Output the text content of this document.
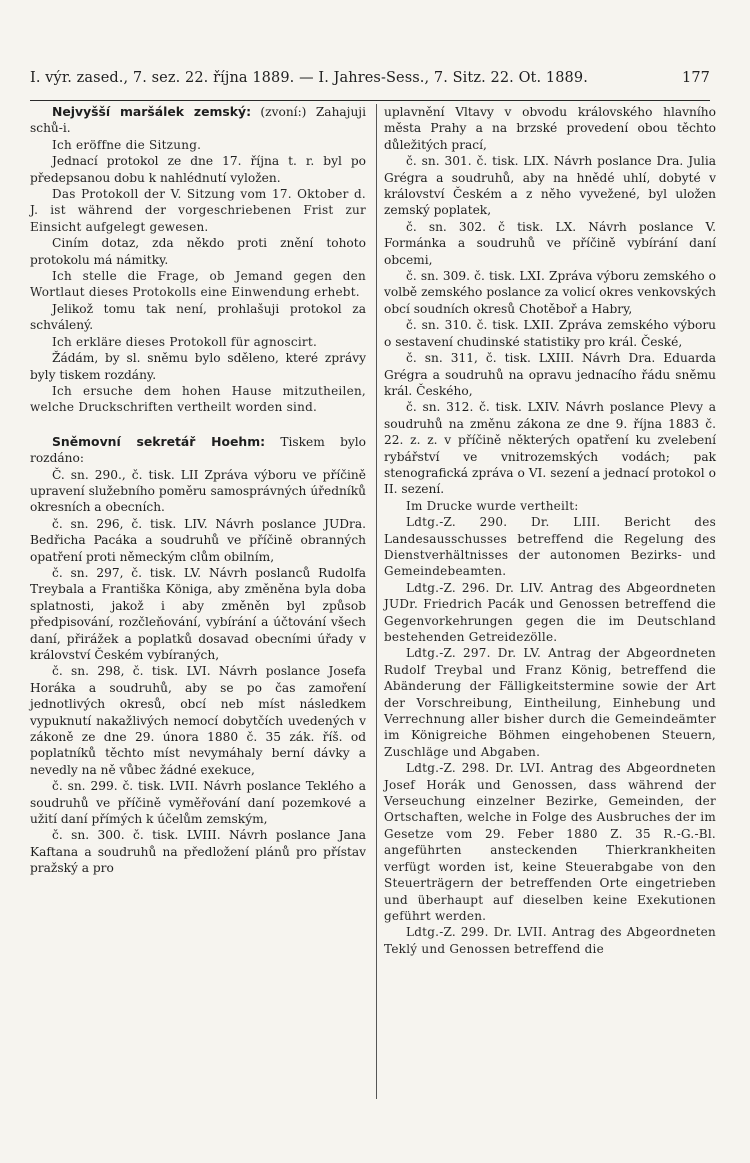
I. výr. zased., 7. sez. 22. října 1889. — I. Jahres-Sess., 7. Sitz. 22. Ot. 1889.	177

Nejvyšší maršálek zemský: (zvoní:) Zahajuji schů-i.

Ich eröffne die Sitzung.

Jednací protokol ze dne 17. října t. r. byl po předepsanou dobu k nahlédnutí vyložen.

Das Protokoll der V. Sitzung vom 17. Oktober d. J. ist während der vorgeschriebenen Frist zur Einsicht aufgelegt gewesen.

Ciním dotaz, zda někdo proti znění tohoto protokolu má námitky.

Ich stelle die Frage, ob Jemand gegen den Wortlaut dieses Protokolls eine Einwendung erhebt.

Jelikož tomu tak není, prohlašuji protokol za schválený.

Ich erkläre dieses Protokoll für agnoscirt.

Žádám, by sl. sněmu bylo sděleno, které zprávy byly tiskem rozdány.

Ich ersuche dem hohen Hause mitzutheilen, welche Druckschriften vertheilt worden sind.

Sněmovní sekretář Hoehm: Tiskem bylo rozdáno:

Č. sn. 290., č. tisk. LII Zpráva výboru ve příčině upravení služebního poměru samosprávných úředníků okresních a obecních.

č. sn. 296, č. tisk. LIV. Návrh poslance JUDra. Bedřicha Pacáka a soudruhů ve příčině obranných opatření proti německým clům obilním,

č. sn. 297, č. tisk. LV. Návrh poslanců Rudolfa Treybala a Františka Königa, aby změněna byla doba splatnosti, jakož i aby změněn byl způsob předpisování, rozčleňování, vybírání a účtování všech daní, přirážek a poplatků dosavad obecními úřady v království Českém vybíraných,

č. sn. 298, č. tisk. LVI. Návrh poslance Josefa Horáka a soudruhů, aby se po čas zamoření jednotlivých okresů, obcí neb míst následkem vypuknutí nakažlivých nemocí dobytčích uvedených v zákoně ze dne 29. února 1880 č. 35 zák. říš. od poplatníků těchto míst nevymáhaly berní dávky a nevedly na ně vůbec žádné exekuce,

č. sn. 299. č. tisk. LVII. Návrh poslance Teklého a soudruhů ve příčině vyměřování daní pozemkové a užití daní přímých k účelům zemským,

č. sn. 300. č. tisk. LVIII. Návrh poslance Jana Kaftana a soudruhů na předložení plánů pro přístav pražský a pro

uplavnění Vltavy v obvodu královského hlavního města Prahy a na brzské provedení obou těchto důležitých prací,

č. sn. 301. č. tisk. LIX. Návrh poslance Dra. Julia Grégra a soudruhů, aby na hnědé uhlí, dobyté v království Českém a z něho vyvežené, byl uložen zemský poplatek,

č. sn. 302. č tisk. LX. Návrh poslance V. Formánka a soudruhů ve příčině vybírání daní obcemi,

č. sn. 309. č. tisk. LXI. Zpráva výboru zemského o volbě zemského poslance za volicí okres venkovských obcí soudních okresů Chotěboř a Habry,

č. sn. 310. č. tisk. LXII. Zpráva zemského výboru o sestavení chudinské statistiky pro král. České,

č. sn. 311, č. tisk. LXIII. Návrh Dra. Eduarda Grégra a soudruhů na opravu jednacího řádu sněmu král. Českého,

č. sn. 312. č. tisk. LXIV. Návrh poslance Plevy a soudruhů na změnu zákona ze dne 9. října 1883 č. 22. z. z. v příčině některých opatření ku zvelebení rybářství ve vnitrozemských vodách; pak stenografická zpráva o VI. sezení a jednací protokol o II. sezení.

Im Drucke wurde vertheilt:

Ldtg.-Z. 290. Dr. LIII. Bericht des Landesausschusses betreffend die Regelung des Dienstverhältnisses der autonomen Bezirks- und Gemeindebeamten.

Ldtg.-Z. 296. Dr. LIV. Antrag des Abgeordneten JUDr. Friedrich Pacák und Genossen betreffend die Gegenvorkehrungen gegen die im Deutschland bestehenden Getreidezölle.

Ldtg.-Z. 297. Dr. LV. Antrag der Abgeordneten Rudolf Treybal und Franz König, betreffend die Abänderung der Fälligkeitstermine sowie der Art der Vorschreibung, Eintheilung, Einhebung und Verrechnung aller bisher durch die Gemeindeämter im Königreiche Böhmen eingehobenen Steuern, Zuschläge und Abgaben.

Ldtg.-Z. 298. Dr. LVI. Antrag des Abgeordneten Josef Horák und Genossen, dass während der Verseuchung einzelner Bezirke, Gemeinden, der Ortschaften, welche in Folge des Ausbruches der im Gesetze vom 29. Feber 1880 Z. 35 R.-G.-Bl. angeführten ansteckenden Thierkrankheiten verfügt worden ist, keine Steuerabgabe von den Steuerträgern der betreffenden Orte eingetrieben und überhaupt auf dieselben keine Exekutionen geführt werden.

Ldtg.-Z. 299. Dr. LVII. Antrag des Abgeordneten Teklý und Genossen betreffend die
